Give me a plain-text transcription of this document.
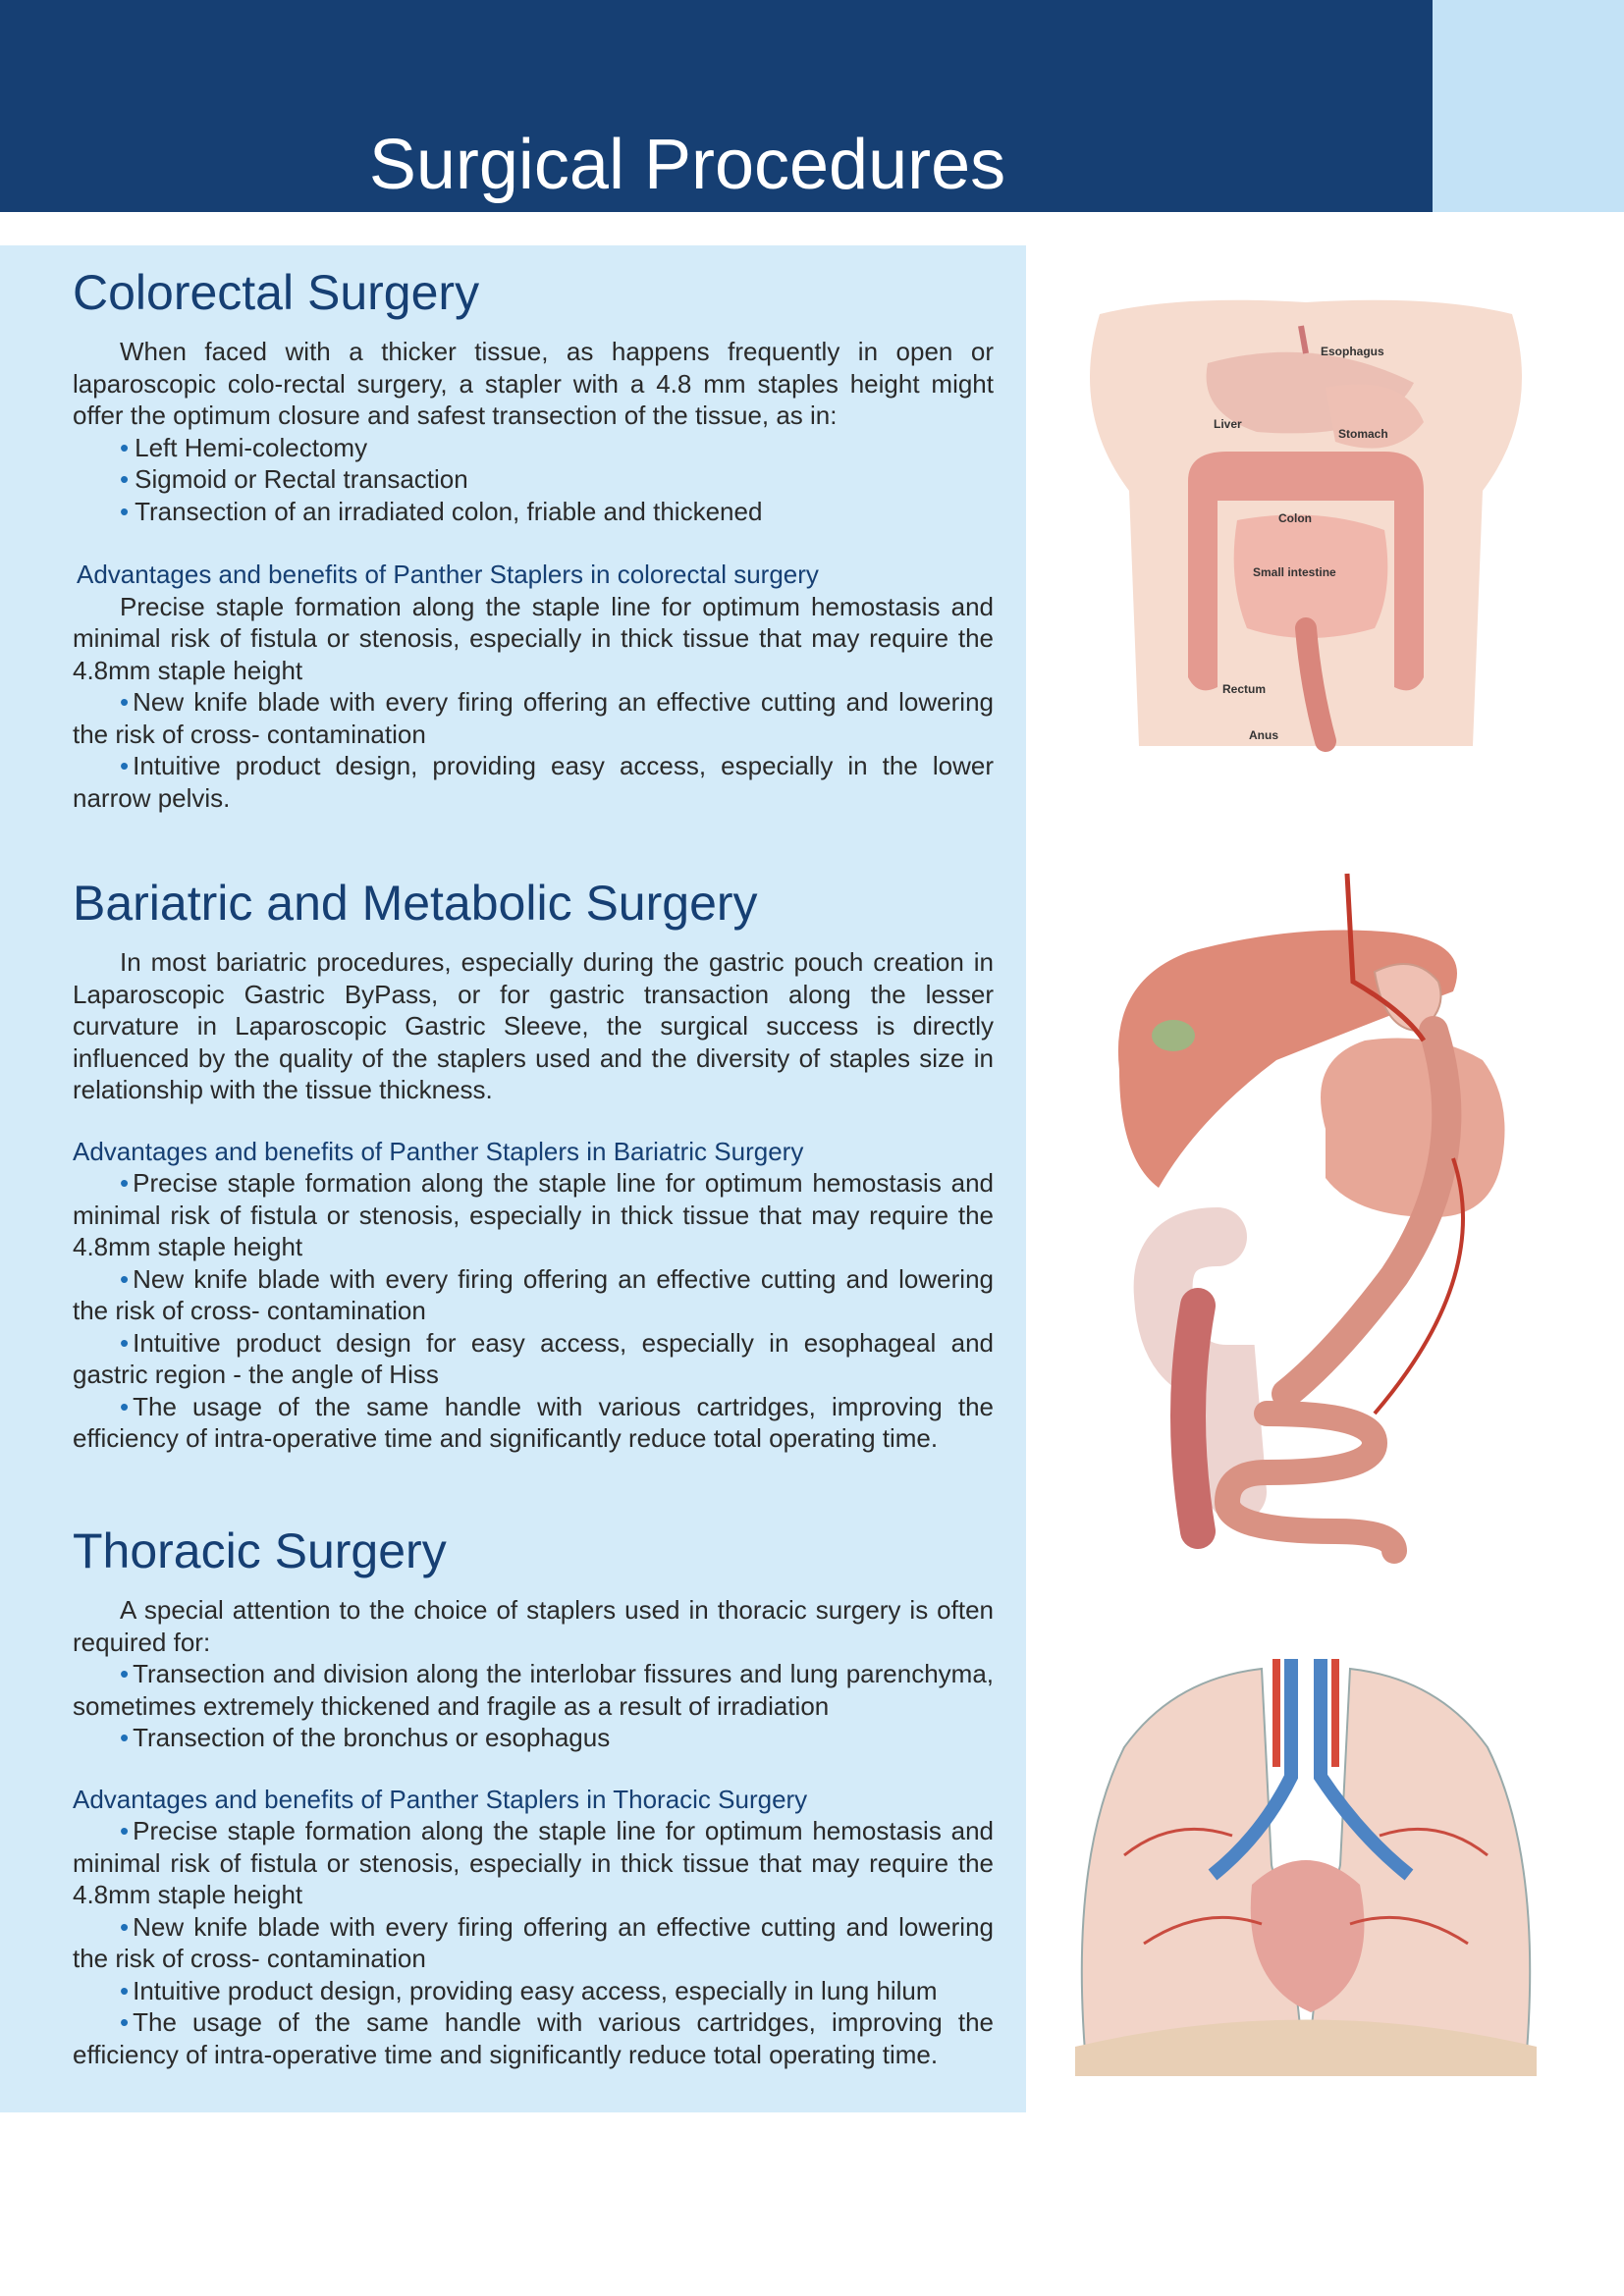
Surgical Procedures
Colorectal Surgery

When faced with a thicker tissue, as happens frequently in open or laparoscopic colo-rectal surgery, a stapler with a 4.8 mm staples height might offer the optimum closure and safest transection of the tissue, as in:

• Left Hemi-colectomy
• Sigmoid or Rectal transaction
• Transection of an irradiated colon, friable and thickened

Advantages and benefits of Panther Staplers in colorectal surgery

Precise staple formation along the staple line for optimum hemostasis and minimal risk of fistula or stenosis, especially in thick tissue that may require the 4.8mm staple height

• New knife blade with every firing offering an effective cutting and lowering the risk of cross- contamination

• Intuitive product design, providing easy access, especially in the lower narrow pelvis.

Bariatric and Metabolic Surgery

In most bariatric procedures, especially during the gastric pouch creation in Laparoscopic Gastric ByPass, or for gastric transaction along the lesser curvature in Laparoscopic Gastric Sleeve, the surgical success is directly influenced by the quality of the staplers used and the diversity of staples size in relationship with the tissue thickness.

Advantages and benefits of Panther Staplers in Bariatric Surgery

• Precise staple formation along the staple line for optimum hemostasis and minimal risk of fistula or stenosis, especially in thick tissue that may require the 4.8mm staple height

• New knife blade with every firing offering an effective cutting and lowering the risk of cross- contamination

• Intuitive product design for easy access, especially in esophageal and gastric region - the angle of Hiss

• The usage of the same handle with various cartridges, improving the efficiency of intra-operative time and significantly reduce total operating time.

Thoracic Surgery

A special attention to the choice of staplers used in thoracic surgery is often required for:

• Transection and division along the interlobar fissures and lung parenchyma, sometimes extremely thickened and fragile as a result of irradiation

• Transection of the bronchus or esophagus

Advantages and benefits of Panther Staplers in Thoracic Surgery

• Precise staple formation along the staple line for optimum hemostasis and minimal risk of fistula or stenosis, especially in thick tissue that may require the 4.8mm staple height

• New knife blade with every firing offering an effective cutting and lowering the risk of cross- contamination

• Intuitive product design, providing easy access, especially in lung hilum

• The usage of the same handle with various cartridges, improving the efficiency of intra-operative time and significantly reduce total operating time.

Esophagus
Liver
Stomach
Colon
Small intestine
Rectum
Anus
